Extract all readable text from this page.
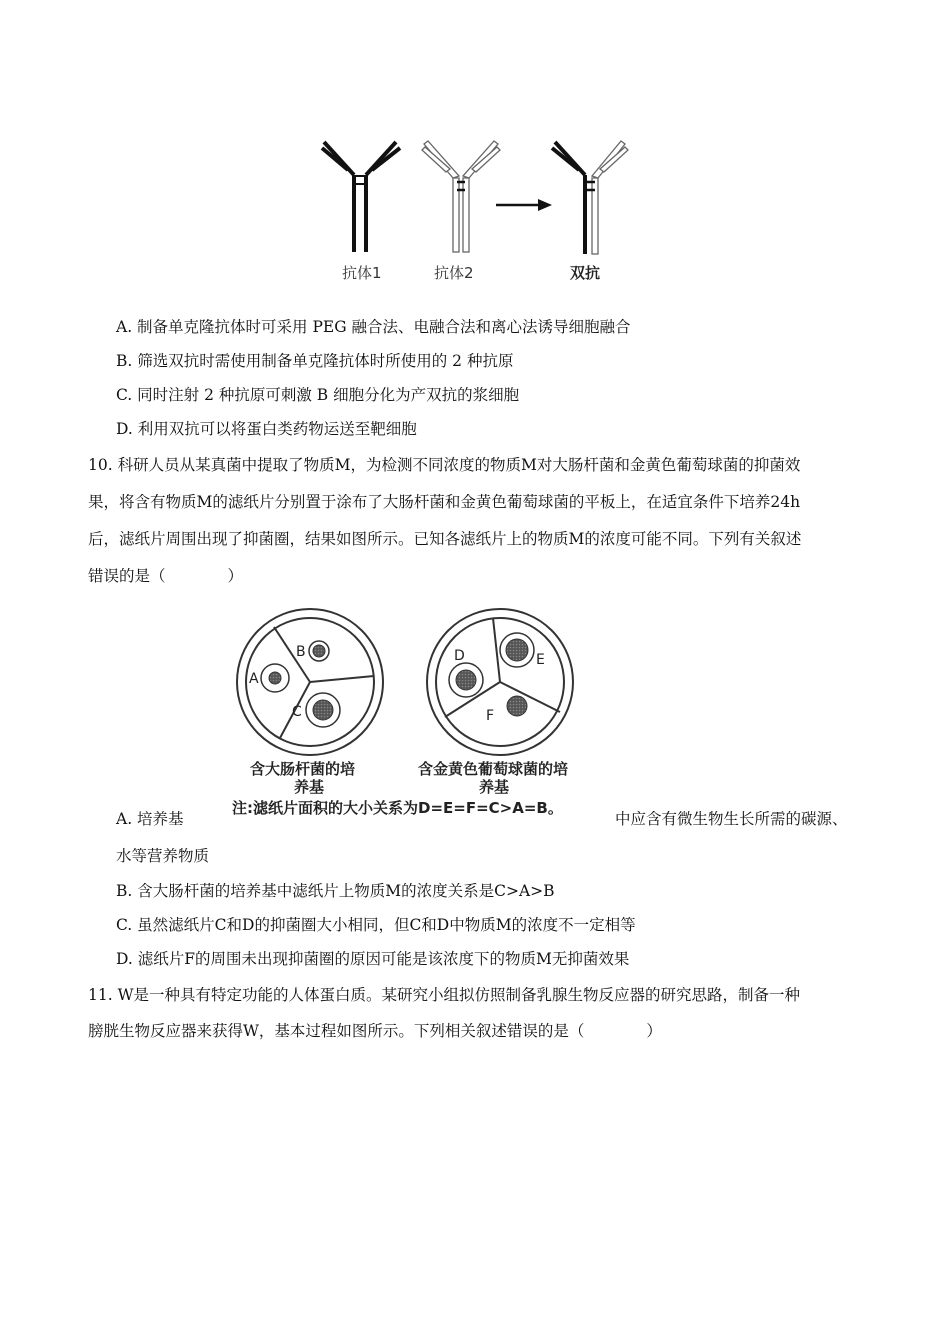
抗体1	抗体2	双抗
A. 制备单克隆抗体时可采用 PEG 融合法、电融合法和离心法诱导细胞融合
B. 筛选双抗时需使用制备单克隆抗体时所使用的 2 种抗原
C. 同时注射 2 种抗原可刺激 B 细胞分化为产双抗的浆细胞
D. 利用双抗可以将蛋白类药物运送至靶细胞
10. 科研人员从某真菌中提取了物质M，为检测不同浓度的物质M对大肠杆菌和金黄色葡萄球菌的抑菌效
果，将含有物质M的滤纸片分别置于涂布了大肠杆菌和金黄色葡萄球菌的平板上，在适宜条件下培养24h
后，滤纸片周围出现了抑菌圈，结果如图所示。已知各滤纸片上的物质M的浓度可能不同。下列有关叙述
错误的是（　　　　）
B
A
C
D	E
F
含大肠杆菌的培
养基
含金黄色葡萄球菌的培
养基
注:滤纸片面积的大小关系为D=E=F=C>A=B。
A. 培养基	中应含有微生物生长所需的碳源、
水等营养物质
B. 含大肠杆菌的培养基中滤纸片上物质M的浓度关系是C>A>B
C. 虽然滤纸片C和D的抑菌圈大小相同，但C和D中物质M的浓度不一定相等
D. 滤纸片F的周围未出现抑菌圈的原因可能是该浓度下的物质M无抑菌效果
11. W是一种具有特定功能的人体蛋白质。某研究小组拟仿照制备乳腺生物反应器的研究思路，制备一种
膀胱生物反应器来获得W，基本过程如图所示。下列相关叙述错误的是（　　　　）
